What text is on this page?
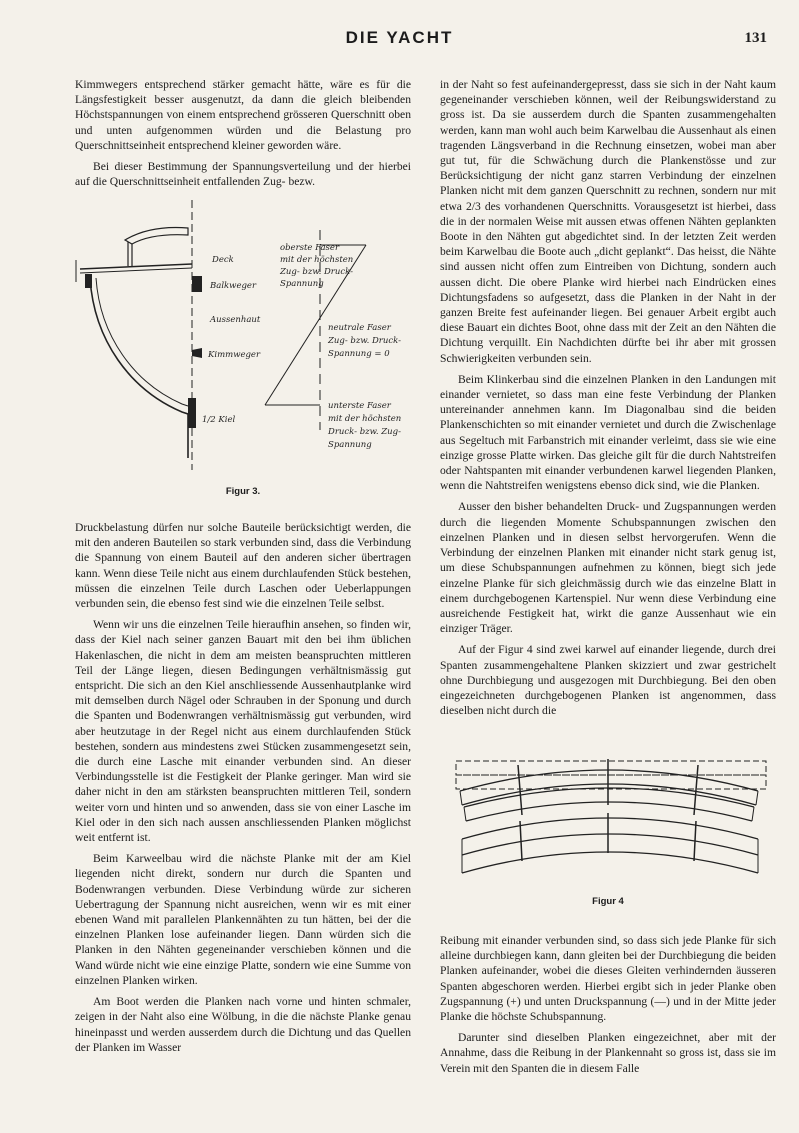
DIE YACHT	131

Kimmwegers entsprechend stärker gemacht hätte, wäre es für die Längsfestigkeit besser ausgenutzt, da dann die gleich bleibenden Höchstspannungen von einem entsprechend grösseren Querschnitt oben und unten aufgenommen würden und die Belastung pro Querschnittseinheit entsprechend kleiner geworden wäre.

Bei dieser Bestimmung der Spannungsverteilung und der hierbei auf die Querschnittseinheit entfallenden Zug- bezw.

Deck
Balkweger
Aussenhaut
Kimmweger
1/2 Kiel
oberste Faser
mit der höchsten
Zug- bzw. Druck-
Spannung
neutrale Faser
Zug- bzw. Druck-
Spannung = 0
unterste Faser
mit der höchsten
Druck- bzw. Zug-
Spannung
Figur 3.

Druckbelastung dürfen nur solche Bauteile berücksichtigt werden, die mit den anderen Bauteilen so stark verbunden sind, dass die Verbindung die Spannung von einem Bauteil auf den anderen sicher übertragen kann. Wenn diese Teile nicht aus einem durchlaufenden Stück bestehen, müssen die einzelnen Teile durch Laschen oder Ueberlappungen verbunden sein, die ebenso fest sind wie die einzelnen Teile selbst.

Wenn wir uns die einzelnen Teile hieraufhin ansehen, so finden wir, dass der Kiel nach seiner ganzen Bauart mit den bei ihm üblichen Hakenlaschen, die nicht in dem am meisten beanspruchten mittleren Teil der Länge liegen, diesen Bedingungen verhältnismässig gut entspricht. Die sich an den Kiel anschliessende Aussenhautplanke wird mit demselben durch Nägel oder Schrauben in der Sponung und durch die Spanten und Bodenwrangen verhältnismässig gut verbunden, wird aber heutzutage in der Regel nicht aus einem durchlaufenden Stück bestehen, sondern aus mindestens zwei Stücken zusammengesetzt sein, die durch eine Lasche mit einander verbunden sind. An dieser Verbindungsstelle ist die Festigkeit der Planke geringer. Man wird sie daher nicht in den am stärksten beanspruchten mittleren Teil, sondern weiter vorn und hinten und so anwenden, dass sie von einer Lasche im Kiel oder in den sich nach aussen anschliessenden Planken möglichst weit entfernt ist.

Beim Karweelbau wird die nächste Planke mit der am Kiel liegenden nicht direkt, sondern nur durch die Spanten und Bodenwrangen verbunden. Diese Verbindung würde zur sicheren Uebertragung der Spannung nicht ausreichen, wenn wir es mit einer ebenen Wand mit parallelen Plankennähten zu tun hätten, bei der die einzelnen Planken lose aufeinander liegen. Dann würden sich die Planken in den Nähten gegeneinander verschieben können und die Wand würde nicht wie eine einzige Platte, sondern wie eine Summe von einzelnen Planken wirken.

Am Boot werden die Planken nach vorne und hinten schmaler, zeigen in der Naht also eine Wölbung, in die die nächste Planke genau hineinpasst und werden ausserdem durch die Dichtung und das Quellen der Planken im Wasser

in der Naht so fest aufeinandergepresst, dass sie sich in der Naht kaum gegeneinander verschieben können, weil der Reibungswiderstand zu gross ist. Da sie ausserdem durch die Spanten zusammengehalten werden, kann man wohl auch beim Karwelbau die Aussenhaut als einen tragenden Längsverband in die Rechnung einsetzen, wobei man aber gut tut, für die Schwächung durch die Plankenstösse und zur Berücksichtigung der nicht ganz starren Verbindung der einzelnen Planken nicht mit dem ganzen Querschnitt zu rechnen, sondern nur mit etwa 2/3 des vorhandenen Querschnitts. Vorausgesetzt ist hierbei, dass die in der normalen Weise mit aussen etwas offenen Nähten geplankten Boote in den Nähten gut abgedichtet sind. In der letzten Zeit werden beim Karwelbau die Boote auch „dicht geplankt“. Das heisst, die Nähte sind aussen nicht offen zum Eintreiben von Dichtung, sondern auch aussen dicht. Die obere Planke wird hierbei nach Eindrücken eines Dichtungsfadens so aufgesetzt, dass die Planken in der Naht in der ganzen Breite fest aufeinander liegen. Bei genauer Arbeit ergibt auch diese Bauart ein dichtes Boot, ohne dass mit der Zeit an den Nähten die Dichtung verquillt. Ein Nachdichten dürfte bei ihr aber mit grossen Schwierigkeiten verbunden sein.

Beim Klinkerbau sind die einzelnen Planken in den Landungen mit einander vernietet, so dass man eine feste Verbindung der Planken untereinander annehmen kann. Im Diagonalbau sind die beiden Plankenschichten so mit einander vernietet und durch die Zwischenlage aus Segeltuch mit Farbanstrich mit einander verleimt, dass sie wie eine einzige grosse Platte wirken. Das gleiche gilt für die durch Nahtstreifen oder Nahtspanten mit einander verbundenen karwel liegenden Planken, wenn die Nahtstreifen wenigstens ebenso dick sind, wie die Planken.

Ausser den bisher behandelten Druck- und Zugspannungen werden durch die liegenden Momente Schubspannungen zwischen den einzelnen Planken und in diesen selbst hervorgerufen. Wenn die Verbindung der einzelnen Planken mit einander nicht stark genug ist, um diese Schubspannungen aufnehmen zu können, biegt sich jede einzelne Planke für sich gleichmässig durch wie das einzelne Blatt in einem durchgebogenen Kartenspiel. Nur wenn diese Verbindung eine ausreichende Festigkeit hat, wirkt die ganze Aussenhaut wie ein einziger Träger.

Auf der Figur 4 sind zwei karwel auf einander liegende, durch drei Spanten zusammengehaltene Planken skizziert und zwar gestrichelt ohne Durchbiegung und ausgezogen mit Durchbiegung. Bei den oben eingezeichneten durchgebogenen Planken ist angenommen, dass dieselben nicht durch die

Figur 4

Reibung mit einander verbunden sind, so dass sich jede Planke für sich alleine durchbiegen kann, dann gleiten bei der Durchbiegung die beiden Planken aufeinander, wobei die dieses Gleiten verhindernden äusseren Spanten abgeschoren werden. Hierbei ergibt sich in jeder Planke oben Zugspannung (+) und unten Druckspannung (—) und in der Mitte jeder Planke die höchste Schubspannung.

Darunter sind dieselben Planken eingezeichnet, aber mit der Annahme, dass die Reibung in der Plankennaht so gross ist, dass sie im Verein mit den Spanten die in diesem Falle
